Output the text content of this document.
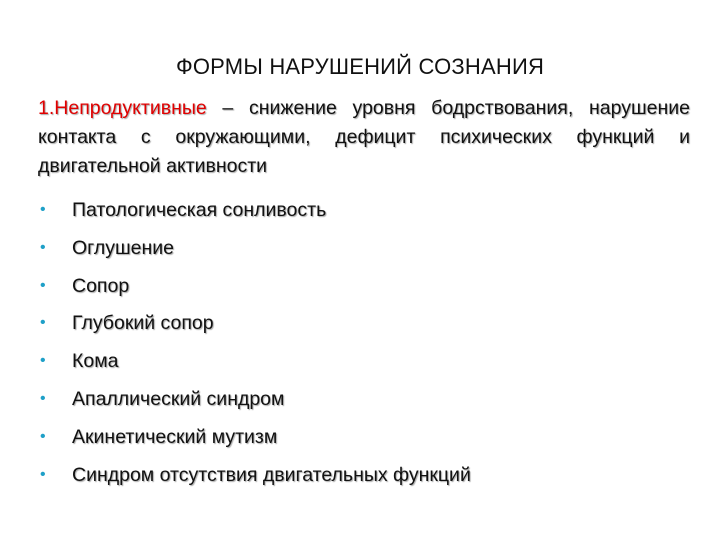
ФОРМЫ НАРУШЕНИЙ СОЗНАНИЯ
1.Непродуктивные – снижение уровня бодрствования, нарушение контакта с окружающими, дефицит психических функций и двигательной активности
• Патологическая сонливость
• Оглушение
• Сопор
• Глубокий сопор
• Кома
• Апаллический синдром
• Акинетический мутизм
• Синдром отсутствия двигательных функций
